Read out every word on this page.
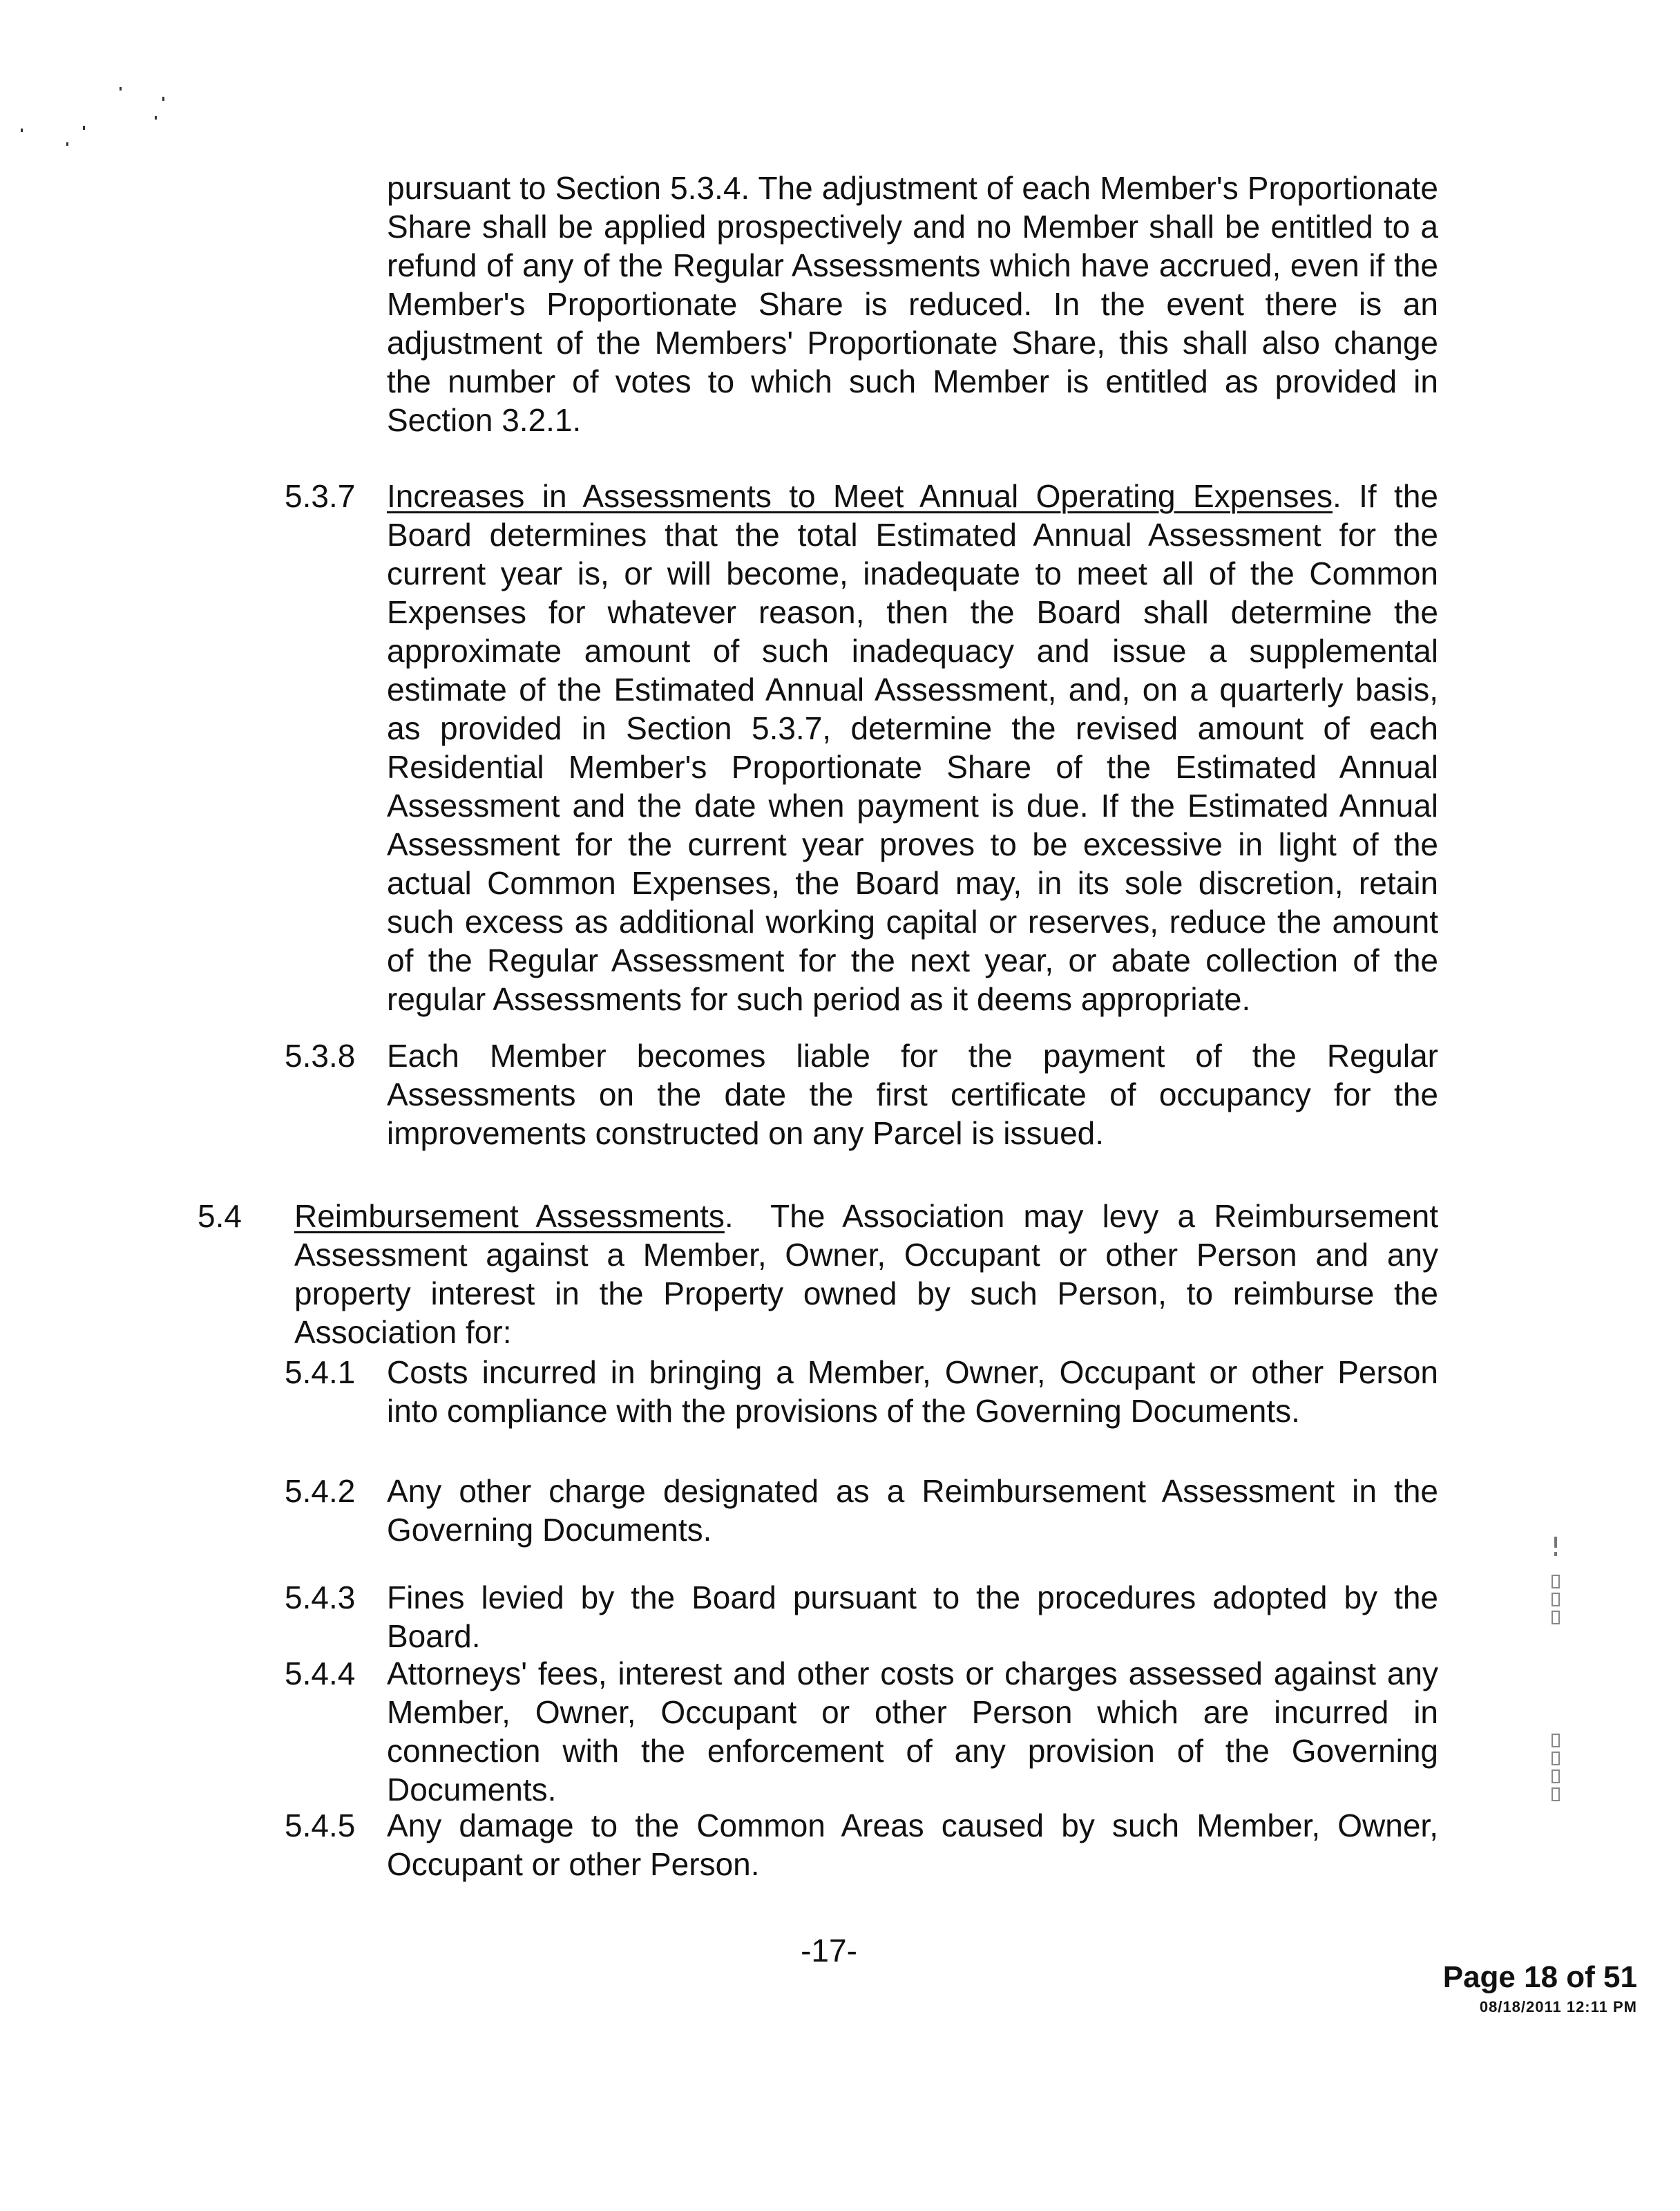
pursuant to Section 5.3.4. The adjustment of each Member's Proportionate Share shall be applied prospectively and no Member shall be entitled to a refund of any of the Regular Assessments which have accrued, even if the Member's Proportionate Share is reduced. In the event there is an adjustment of the Members' Proportionate Share, this shall also change the number of votes to which such Member is entitled as provided in Section 3.2.1.
5.3.7 Increases in Assessments to Meet Annual Operating Expenses. If the Board determines that the total Estimated Annual Assessment for the current year is, or will become, inadequate to meet all of the Common Expenses for whatever reason, then the Board shall determine the approximate amount of such inadequacy and issue a supplemental estimate of the Estimated Annual Assessment, and, on a quarterly basis, as provided in Section 5.3.7, determine the revised amount of each Residential Member's Proportionate Share of the Estimated Annual Assessment and the date when payment is due. If the Estimated Annual Assessment for the current year proves to be excessive in light of the actual Common Expenses, the Board may, in its sole discretion, retain such excess as additional working capital or reserves, reduce the amount of the Regular Assessment for the next year, or abate collection of the regular Assessments for such period as it deems appropriate.
5.3.8 Each Member becomes liable for the payment of the Regular Assessments on the date the first certificate of occupancy for the improvements constructed on any Parcel is issued.
5.4	Reimbursement Assessments.  The Association may levy a Reimbursement Assessment against a Member, Owner, Occupant or other Person and any property interest in the Property owned by such Person, to reimburse the Association for:
5.4.1 Costs incurred in bringing a Member, Owner, Occupant or other Person into compliance with the provisions of the Governing Documents.
5.4.2 Any other charge designated as a Reimbursement Assessment in the Governing Documents.
5.4.3 Fines levied by the Board pursuant to the procedures adopted by the Board.
5.4.4 Attorneys' fees, interest and other costs or charges assessed against any Member, Owner, Occupant or other Person which are incurred in connection with the enforcement of any provision of the Governing Documents.
5.4.5 Any damage to the Common Areas caused by such Member, Owner, Occupant or other Person.
-17-
Page 18 of 51
08/18/2011 12:11 PM
